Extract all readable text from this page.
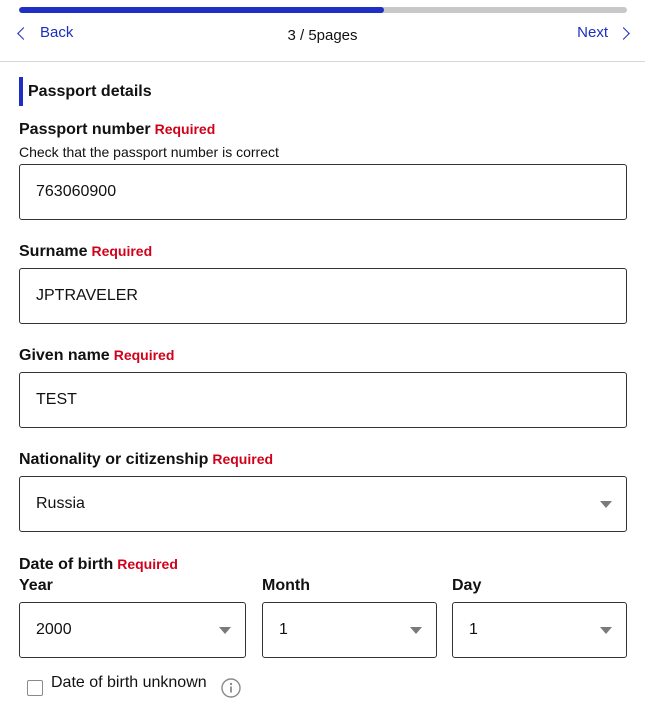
Back	3 / 5pages	Next
Passport details
Passport number Required
Check that the passport number is correct
763060900
Surname Required
JPTRAVELER
Given name Required
TEST
Nationality or citizenship Required
Russia
Date of birth Required
Year	Month	Day
2000	1	1
Date of birth unknown
